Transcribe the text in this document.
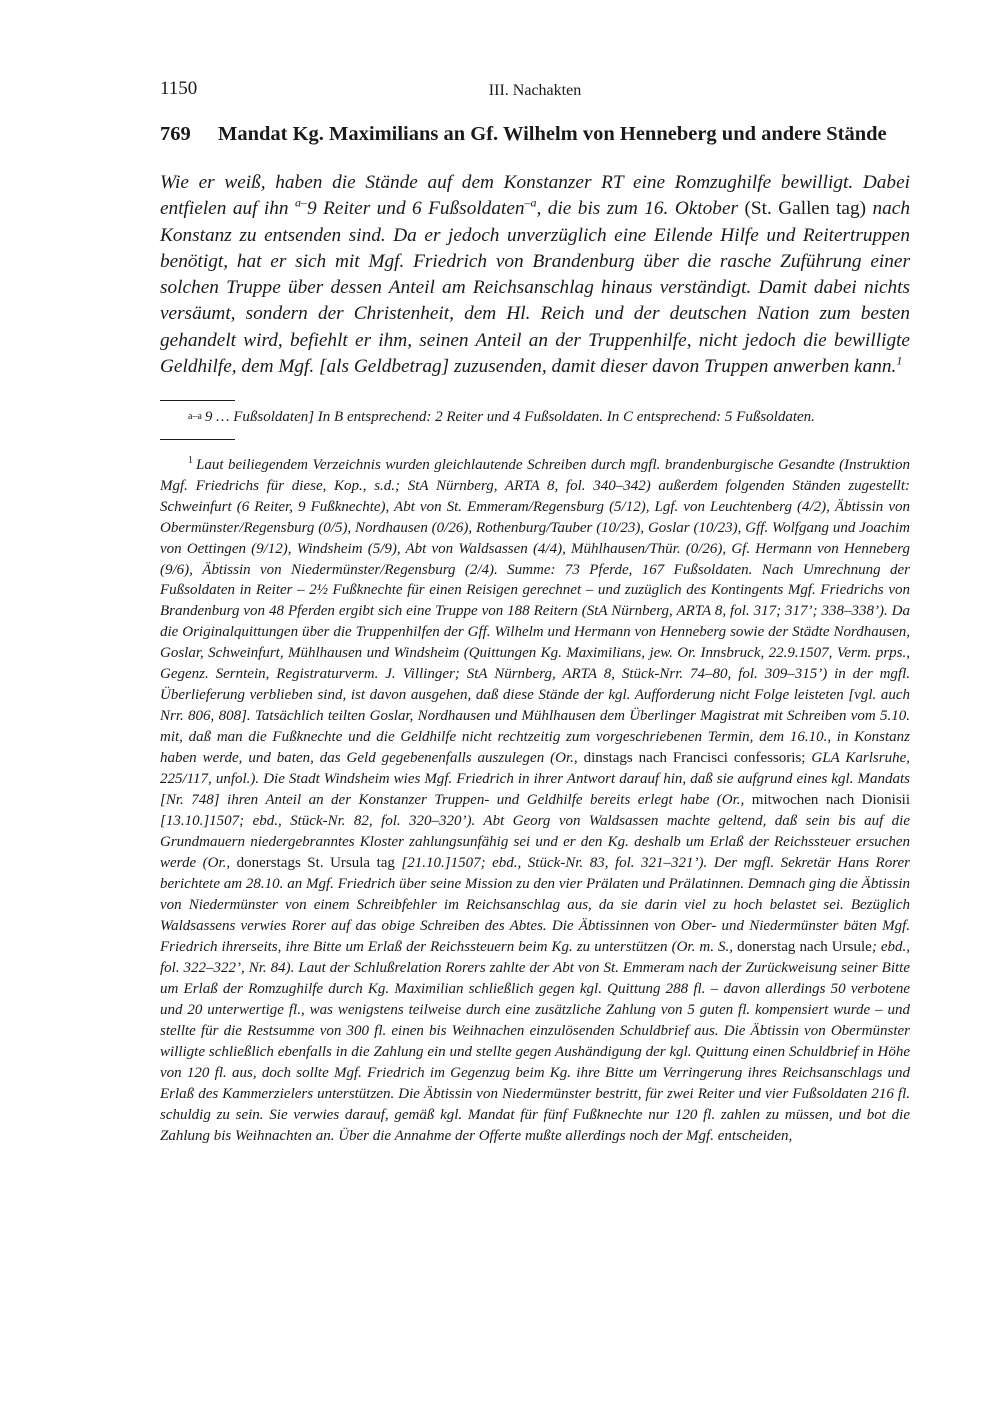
1150	III. Nachakten
769	Mandat Kg. Maximilians an Gf. Wilhelm von Henneberg und andere Stände

Wie er weiß, haben die Stände auf dem Konstanzer RT eine Romzughilfe bewilligt. Dabei entfielen auf ihn $^{a-}$9 Reiter und 6 Fußsoldaten$^{-a}$, die bis zum 16. Oktober (St. Gallen tag) nach Konstanz zu entsenden sind. Da er jedoch unverzüglich eine Eilende Hilfe und Reitertruppen benötigt, hat er sich mit Mgf. Friedrich von Brandenburg über die rasche Zuführung einer solchen Truppe über dessen Anteil am Reichsanschlag hinaus verständigt. Damit dabei nichts versäumt, sondern der Christenheit, dem Hl. Reich und der deutschen Nation zum besten gehandelt wird, befiehlt er ihm, seinen Anteil an der Truppenhilfe, nicht jedoch die bewilligte Geldhilfe, dem Mgf. [als Geldbetrag] zuzusenden, damit dieser davon Truppen anwerben kann.$^1$

$^{a-a}$ 9 … Fußsoldaten] In B entsprechend: 2 Reiter und 4 Fußsoldaten. In C entsprechend: 5 Fußsoldaten.

$^1$ Laut beiliegendem Verzeichnis wurden gleichlautende Schreiben durch mgfl. brandenburgische Gesandte (Instruktion Mgf. Friedrichs für diese, Kop., s.d.; StA Nürnberg, ARTA 8, fol. 340–342) außerdem folgenden Ständen zugestellt: Schweinfurt (6 Reiter, 9 Fußknechte), Abt von St. Emmeram/Regensburg (5/12), Lgf. von Leuchtenberg (4/2), Äbtissin von Obermünster/Regensburg (0/5), Nordhausen (0/26), Rothenburg/Tauber (10/23), Goslar (10/23), Gff. Wolfgang und Joachim von Oettingen (9/12), Windsheim (5/9), Abt von Waldsassen (4/4), Mühlhausen/Thür. (0/26), Gf. Hermann von Henneberg (9/6), Äbtissin von Niedermünster/Regensburg (2/4). Summe: 73 Pferde, 167 Fußsoldaten. Nach Umrechnung der Fußsoldaten in Reiter – 2½ Fußknechte für einen Reisigen gerechnet – und zuzüglich des Kontingents Mgf. Friedrichs von Brandenburg von 48 Pferden ergibt sich eine Truppe von 188 Reitern (StA Nürnberg, ARTA 8, fol. 317; 317’; 338–338’). Da die Originalquittungen über die Truppenhilfen der Gff. Wilhelm und Hermann von Henneberg sowie der Städte Nordhausen, Goslar, Schweinfurt, Mühlhausen und Windsheim (Quittungen Kg. Maximilians, jew. Or. Innsbruck, 22.9.1507, Verm. prps., Gegenz. Serntein, Registraturverm. J. Villinger; StA Nürnberg, ARTA 8, Stück-Nrr. 74–80, fol. 309–315’) in der mgfl. Überlieferung verblieben sind, ist davon ausgehen, daß diese Stände der kgl. Aufforderung nicht Folge leisteten [vgl. auch Nrr. 806, 808]. Tatsächlich teilten Goslar, Nordhausen und Mühlhausen dem Überlinger Magistrat mit Schreiben vom 5.10. mit, daß man die Fußknechte und die Geldhilfe nicht rechtzeitig zum vorgeschriebenen Termin, dem 16.10., in Konstanz haben werde, und baten, das Geld gegebenenfalls auszulegen (Or., dinstags nach Francisci confessoris; GLA Karlsruhe, 225/117, unfol.). Die Stadt Windsheim wies Mgf. Friedrich in ihrer Antwort darauf hin, daß sie aufgrund eines kgl. Mandats [Nr. 748] ihren Anteil an der Konstanzer Truppen- und Geldhilfe bereits erlegt habe (Or., mitwochen nach Dionisii [13.10.]1507; ebd., Stück-Nr. 82, fol. 320–320’). Abt Georg von Waldsassen machte geltend, daß sein bis auf die Grundmauern niedergebranntes Kloster zahlungsunfähig sei und er den Kg. deshalb um Erlaß der Reichssteuer ersuchen werde (Or., donerstags St. Ursula tag [21.10.]1507; ebd., Stück-Nr. 83, fol. 321–321’). Der mgfl. Sekretär Hans Rorer berichtete am 28.10. an Mgf. Friedrich über seine Mission zu den vier Prälaten und Prälatinnen. Demnach ging die Äbtissin von Niedermünster von einem Schreibfehler im Reichsanschlag aus, da sie darin viel zu hoch belastet sei. Bezüglich Waldsassens verwies Rorer auf das obige Schreiben des Abtes. Die Äbtissinnen von Ober- und Niedermünster bäten Mgf. Friedrich ihrerseits, ihre Bitte um Erlaß der Reichssteuern beim Kg. zu unterstützen (Or. m. S., donerstag nach Ursule; ebd., fol. 322–322’, Nr. 84). Laut der Schlußrelation Rorers zahlte der Abt von St. Emmeram nach der Zurückweisung seiner Bitte um Erlaß der Romzughilfe durch Kg. Maximilian schließlich gegen kgl. Quittung 288 fl. – davon allerdings 50 verbotene und 20 unterwertige fl., was wenigstens teilweise durch eine zusätzliche Zahlung von 5 guten fl. kompensiert wurde – und stellte für die Restsumme von 300 fl. einen bis Weihnachen einzulösenden Schuldbrief aus. Die Äbtissin von Obermünster willigte schließlich ebenfalls in die Zahlung ein und stellte gegen Aushändigung der kgl. Quittung einen Schuldbrief in Höhe von 120 fl. aus, doch sollte Mgf. Friedrich im Gegenzug beim Kg. ihre Bitte um Verringerung ihres Reichsanschlags und Erlaß des Kammerzielers unterstützen. Die Äbtissin von Niedermünster bestritt, für zwei Reiter und vier Fußsoldaten 216 fl. schuldig zu sein. Sie verwies darauf, gemäß kgl. Mandat für fünf Fußknechte nur 120 fl. zahlen zu müssen, und bot die Zahlung bis Weihnachten an. Über die Annahme der Offerte mußte allerdings noch der Mgf. entscheiden,
